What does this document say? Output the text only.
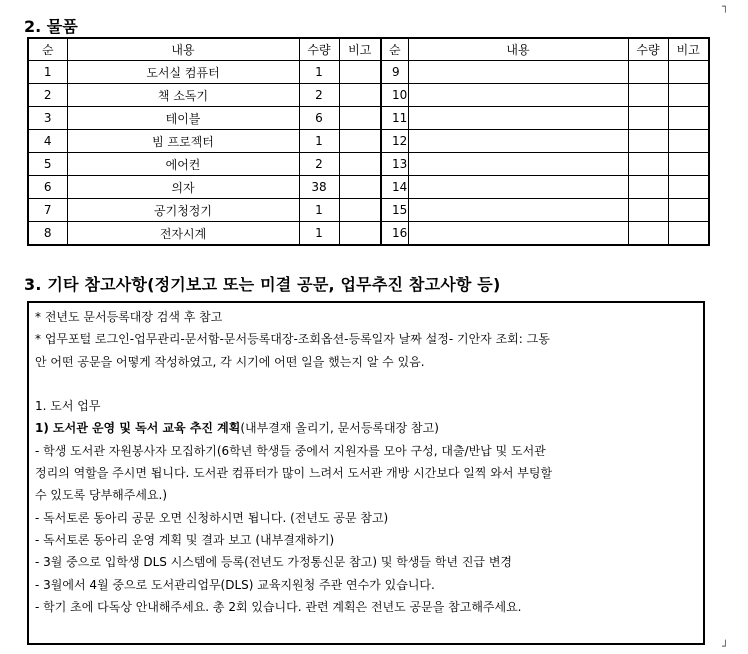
2. 물품
순	내용	수량	비고	순	내용	수량	비고
1	도서실 컴퓨터	1		9			
2	책 소독기	2		10			
3	테이블	6		11			
4	빔 프로젝터	1		12			
5	에어컨	2		13			
6	의자	38		14			
7	공기청정기	1		15			
8	전자시계	1		16			
3. 기타 참고사항(정기보고 또는 미결 공문, 업무추진 참고사항 등)
* 전년도 문서등록대장 검색 후 참고
* 업무포털 로그인-업무관리-문서함-문서등록대장-조회옵션-등록일자 날짜 설정- 기안자 조회: 그동
안 어떤 공문을 어떻게 작성하였고, 각 시기에 어떤 일을 했는지 알 수 있음.

1. 도서 업무
1) 도서관 운영 및 독서 교육 추진 계획(내부결재 올리기, 문서등록대장 참고)
- 학생 도서관 자원봉사자 모집하기(6학년 학생들 중에서 지원자를 모아 구성, 대출/반납 및 도서관
정리의 역할을 주시면 됩니다. 도서관 컴퓨터가 많이 느려서 도서관 개방 시간보다 일찍 와서 부팅할
수 있도록 당부해주세요.)
- 독서토론 동아리 공문 오면 신청하시면 됩니다. (전년도 공문 참고)
- 독서토론 동아리 운영 계획 및 결과 보고 (내부결재하기)
- 3월 중으로 입학생 DLS 시스템에 등록(전년도 가정통신문 참고) 및 학생들 학년 진급 변경
- 3월에서 4월 중으로 도서관리업무(DLS) 교육지원청 주관 연수가 있습니다.
- 학기 초에 다독상 안내해주세요. 총 2회 있습니다. 관련 계획은 전년도 공문을 참고해주세요.
┐
┘
